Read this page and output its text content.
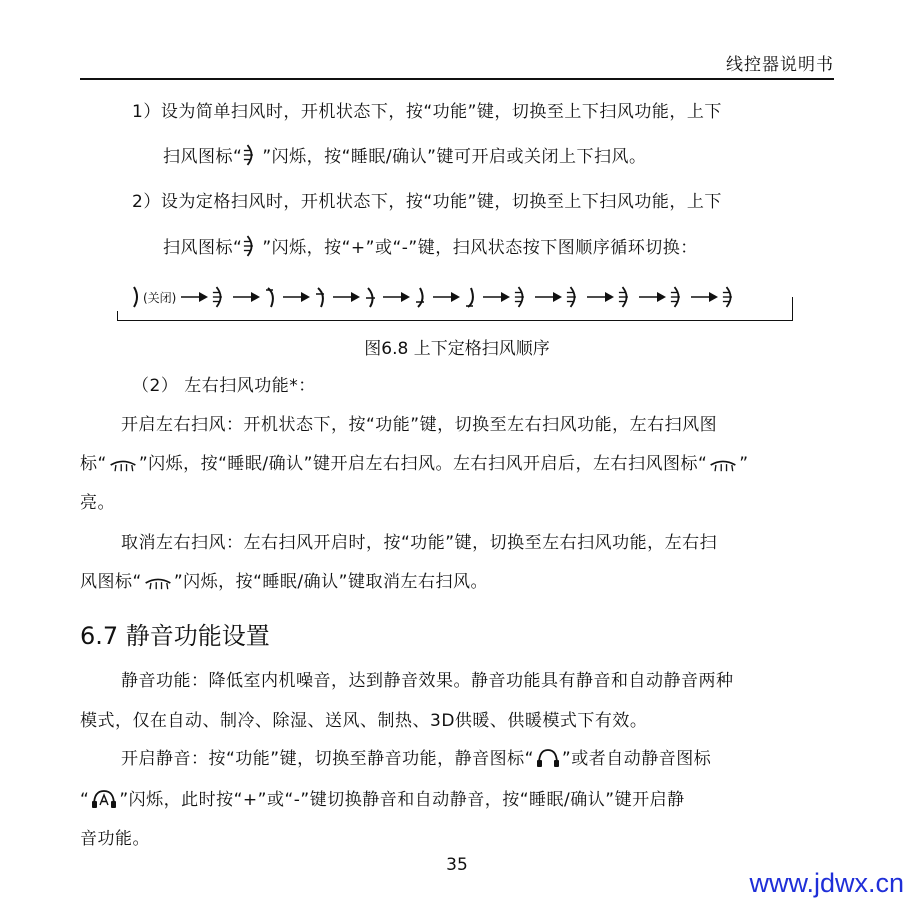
线控器说明书
1）设为简单扫风时，开机状态下，按“功能”键，切换至上下扫风功能，上下
扫风图标“ ”闪烁，按“睡眠/确认”键可开启或关闭上下扫风。
2）设为定格扫风时，开机状态下，按“功能”键，切换至上下扫风功能，上下
扫风图标“ ”闪烁，按“+”或“-”键，扫风状态按下图顺序循环切换：
(关闭)
图6.8 上下定格扫风顺序
（2） 左右扫风功能*：
开启左右扫风：开机状态下，按“功能”键，切换至左右扫风功能，左右扫风图
标“ ”闪烁，按“睡眠/确认”键开启左右扫风。左右扫风开启后，左右扫风图标“ ”
亮。
取消左右扫风：左右扫风开启时，按“功能”键，切换至左右扫风功能，左右扫
风图标“ ”闪烁，按“睡眠/确认”键取消左右扫风。
6.7 静音功能设置
静音功能：降低室内机噪音，达到静音效果。静音功能具有静音和自动静音两种
模式，仅在自动、制冷、除湿、送风、制热、3D供暖、供暖模式下有效。
开启静音：按“功能”键，切换至静音功能，静音图标“ ”或者自动静音图标
“ ”闪烁，此时按“+”或“-”键切换静音和自动静音，按“睡眠/确认”键开启静
音功能。
35
www.jdwx.cn
